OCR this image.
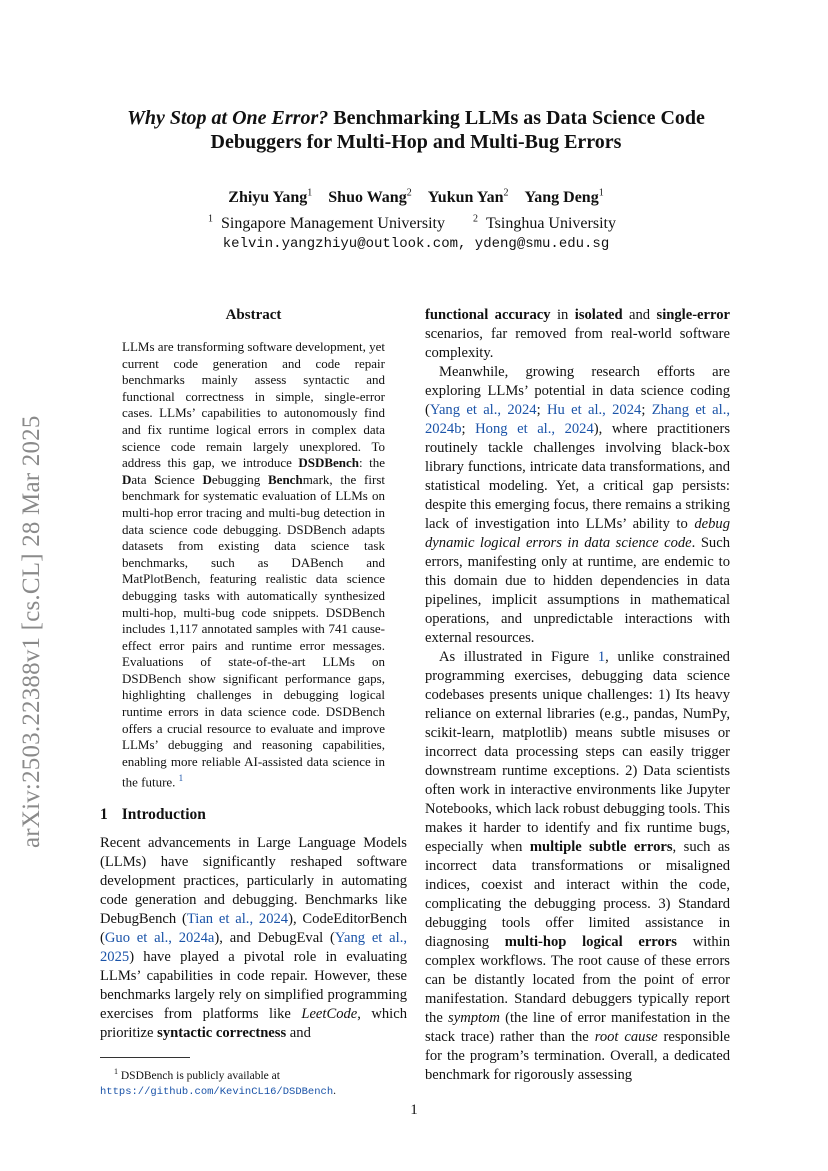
arXiv:2503.22388v1 [cs.CL] 28 Mar 2025
Why Stop at One Error? Benchmarking LLMs as Data Science Code
Debuggers for Multi-Hop and Multi-Bug Errors
Zhiyu Yang$^1$ Shuo Wang$^2$ Yukun Yan$^2$ Yang Deng$^1$
$^1$ Singapore Management University	$^2$ Tsinghua University
kelvin.yangzhiyu@outlook.com, ydeng@smu.edu.sg
Abstract

LLMs are transforming software development, yet current code generation and code repair benchmarks mainly assess syntactic and functional correctness in simple, single-error cases. LLMs’ capabilities to autonomously find and fix runtime logical errors in complex data science code remain largely unexplored. To address this gap, we introduce DSDBench: the Data Science Debugging Benchmark, the first benchmark for systematic evaluation of LLMs on multi-hop error tracing and multi-bug detection in data science code debugging. DSDBench adapts datasets from existing data science task benchmarks, such as DABench and MatPlotBench, featuring realistic data science debugging tasks with automatically synthesized multi-hop, multi-bug code snippets. DSDBench includes 1,117 annotated samples with 741 cause-effect error pairs and runtime error messages. Evaluations of state-of-the-art LLMs on DSDBench show significant performance gaps, highlighting challenges in debugging logical runtime errors in data science code. DSDBench offers a crucial resource to evaluate and improve LLMs’ debugging and reasoning capabilities, enabling more reliable AI-assisted data science in the future. $^1$

1 Introduction

Recent advancements in Large Language Models (LLMs) have significantly reshaped software development practices, particularly in automating code generation and debugging. Benchmarks like DebugBench (Tian et al., 2024), CodeEditorBench (Guo et al., 2024a), and DebugEval (Yang et al., 2025) have played a pivotal role in evaluating LLMs’ capabilities in code repair. However, these benchmarks largely rely on simplified programming exercises from platforms like LeetCode, which prioritize syntactic correctness and

$^1$ DSDBench is publicly available at https://github.com/KevinCL16/DSDBench.

functional accuracy in isolated and single-error scenarios, far removed from real-world software complexity.

Meanwhile, growing research efforts are exploring LLMs’ potential in data science coding (Yang et al., 2024; Hu et al., 2024; Zhang et al., 2024b; Hong et al., 2024), where practitioners routinely tackle challenges involving black-box library functions, intricate data transformations, and statistical modeling. Yet, a critical gap persists: despite this emerging focus, there remains a striking lack of investigation into LLMs’ ability to debug dynamic logical errors in data science code. Such errors, manifesting only at runtime, are endemic to this domain due to hidden dependencies in data pipelines, implicit assumptions in mathematical operations, and unpredictable interactions with external resources.

As illustrated in Figure 1, unlike constrained programming exercises, debugging data science codebases presents unique challenges: 1) Its heavy reliance on external libraries (e.g., pandas, NumPy, scikit-learn, matplotlib) means subtle misuses or incorrect data processing steps can easily trigger downstream runtime exceptions. 2) Data scientists often work in interactive environments like Jupyter Notebooks, which lack robust debugging tools. This makes it harder to identify and fix runtime bugs, especially when multiple subtle errors, such as incorrect data transformations or misaligned indices, coexist and interact within the code, complicating the debugging process. 3) Standard debugging tools offer limited assistance in diagnosing multi-hop logical errors within complex workflows. The root cause of these errors can be distantly located from the point of error manifestation. Standard debuggers typically report the symptom (the line of error manifestation in the stack trace) rather than the root cause responsible for the program’s termination. Overall, a dedicated benchmark for rigorously assessing

1
